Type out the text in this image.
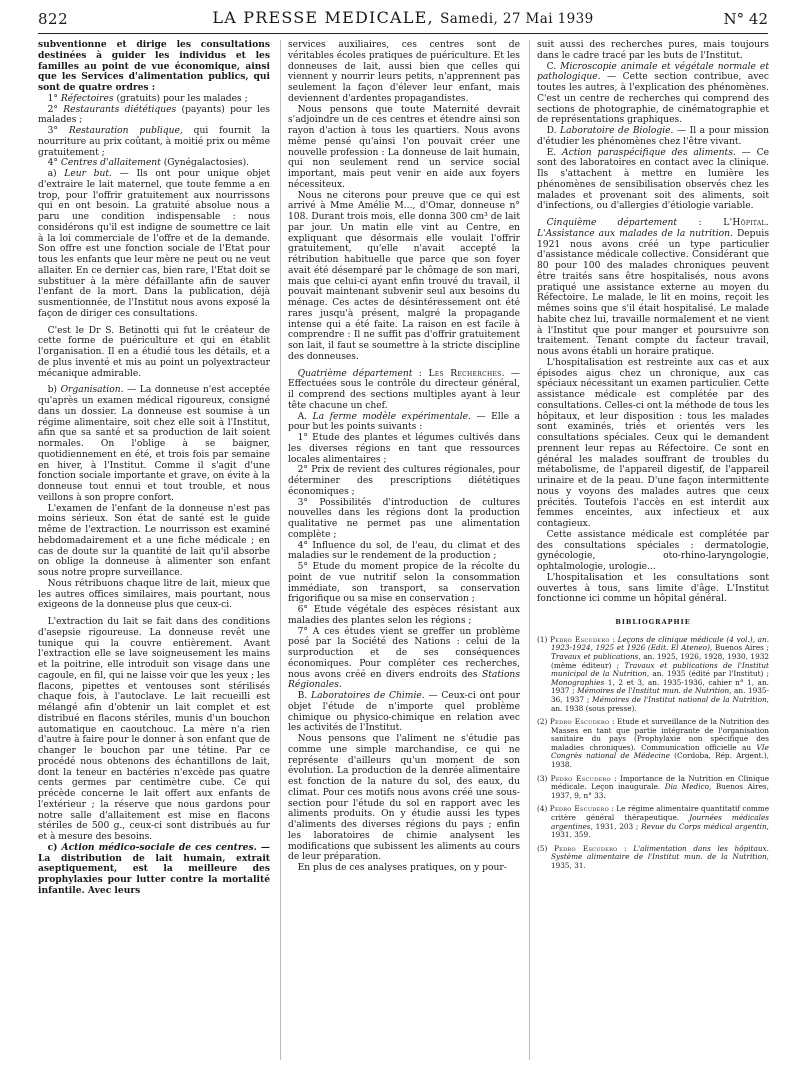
822	LA PRESSE MEDICALE, Samedi, 27 Mai 1939	N° 42

subventionne et dirige les consultations destinées à guider les individus et les familles au point de vue économique, ainsi que les Services d'alimentation publics, qui sont de quatre ordres :

1° Réfectoires (gratuits) pour les malades ;

2° Restaurants diététiques (payants) pour les malades ;

3° Restauration publique, qui fournit la nourriture au prix coûtant, à moitié prix ou même gratuitement ;

4° Centres d'allaitement (Gynégalactosies).

a) Leur but. — Ils ont pour unique objet d'extraire le lait maternel, que toute femme a en trop, pour l'offrir gratuitement aux nourrissons qui en ont besoin. La gratuité absolue nous a paru une condition indispensable : nous considérons qu'il est indigne de soumettre ce lait à la loi commerciale de l'offre et de la demande. Son offre est une fonction sociale de l'Etat pour tous les enfants que leur mère ne peut ou ne veut allaiter. En ce dernier cas, bien rare, l'Etat doit se substituer à la mère défaillante afin de sauver l'enfant de la mort. Dans la publication, déjà susmentionnée, de l'Institut nous avons exposé la façon de diriger ces consultations.

C'est le Dr S. Betinotti qui fut le créateur de cette forme de puériculture et qui en établit l'organisation. Il en a étudié tous les détails, et a de plus inventé et mis au point un polyextracteur mécanique admirable.

b) Organisation. — La donneuse n'est acceptée qu'après un examen médical rigoureux, consigné dans un dossier. La donneuse est soumise à un régime alimentaire, soit chez elle soit à l'Institut, afin que sa santé et sa production de lait soient normales. On l'oblige à se baigner, quotidiennement en été, et trois fois par semaine en hiver, à l'Institut. Comme il s'agit d'une fonction sociale importante et grave, on évite à la donneuse tout ennui et tout trouble, et nous veillons à son propre confort.

L'examen de l'enfant de la donneuse n'est pas moins sérieux. Son état de santé est le guide même de l'extraction. Le nourrisson est examiné hebdomadairement et a une fiche médicale ; en cas de doute sur la quantité de lait qu'il absorbe on oblige la donneuse à alimenter son enfant sous notre propre surveillance.

Nous rétribuons chaque litre de lait, mieux que les autres offices similaires, mais pourtant, nous exigeons de la donneuse plus que ceux-ci.

L'extraction du lait se fait dans des conditions d'asepsie rigoureuse. La donneuse revêt une tunique qui la couvre entièrement. Avant l'extraction elle se lave soigneusement les mains et la poitrine, elle introduit son visage dans une cagoule, en fil, qui ne laisse voir que les yeux ; les flacons, pipettes et ventouses sont stérilisés chaque fois, à l'autoclave. Le lait recueilli est mélangé afin d'obtenir un lait complet et est distribué en flacons stériles, munis d'un bouchon automatique en caoutchouc. La mère n'a rien d'autre à faire pour le donner à son enfant que de changer le bouchon par une tétine. Par ce procédé nous obtenons des échantillons de lait, dont la teneur en bactéries n'excède pas quatre cents germes par centimètre cube. Ce qui précède concerne le lait offert aux enfants de l'extérieur ; la réserve que nous gardons pour notre salle d'allaitement est mise en flacons stériles de 500 g., ceux-ci sont distribués au fur et à mesure des besoins.

c) Action médico-sociale de ces centres. — La distribution de lait humain, extrait aseptiquement, est la meilleure des prophylaxies pour lutter contre la mortalité infantile. Avec leurs

services auxiliaires, ces centres sont de véritables écoles pratiques de puériculture. Et les donneuses de lait, aussi bien que celles qui viennent y nourrir leurs petits, n'apprennent pas seulement la façon d'élever leur enfant, mais deviennent d'ardentes propagandistes.

Nous pensons que toute Maternité devrait s'adjoindre un de ces centres et étendre ainsi son rayon d'action à tous les quartiers. Nous avons même pensé qu'ainsi l'on pouvait créer une nouvelle profession : La donneuse de lait humain, qui non seulement rend un service social important, mais peut venir en aide aux foyers nécessiteux.

Nous ne citerons pour preuve que ce qui est arrivé à Mme Amélie M..., d'Omar, donneuse n° 108. Durant trois mois, elle donna 300 cm³ de lait par jour. Un matin elle vint au Centre, en expliquant que désormais elle voulait l'offrir gratuitement, qu'elle n'avait accepté la rétribution habituelle que parce que son foyer avait été désemparé par le chômage de son mari, mais que celui-ci ayant enfin trouvé du travail, il pouvait maintenant subvenir seul aux besoins du ménage. Ces actes de désintéressement ont été rares jusqu'à présent, malgré la propagande intense qui a été faite. La raison en est facile à comprendre : Il ne suffit pas d'offrir gratuitement son lait, il faut se soumettre à la stricte discipline des donneuses.

Quatrième département : Les Recherches. — Effectuées sous le contrôle du directeur général, il comprend des sections multiples ayant à leur tête chacune un chef.

A. La ferme modèle expérimentale. — Elle a pour but les points suivants :

1° Etude des plantes et légumes cultivés dans les diverses régions en tant que ressources locales alimentaires ;

2° Prix de revient des cultures régionales, pour déterminer des prescriptions diététiques économiques ;

3° Possibilités d'introduction de cultures nouvelles dans les régions dont la production qualitative ne permet pas une alimentation complète ;

4° Influence du sol, de l'eau, du climat et des maladies sur le rendement de la production ;

5° Etude du moment propice de la récolte du point de vue nutritif selon la consommation immédiate, son transport, sa conservation frigorifique ou sa mise en conservation ;

6° Etude végétale des espèces résistant aux maladies des plantes selon les régions ;

7° A ces études vient se greffer un problème posé par la Société des Nations : celui de la surproduction et de ses conséquences économiques. Pour compléter ces recherches, nous avons créé en divers endroits des Stations Régionales.

B. Laboratoires de Chimie. — Ceux-ci ont pour objet l'étude de n'importe quel problème chimique ou physico-chimique en relation avec les activités de l'Institut.

Nous pensons que l'aliment ne s'étudie pas comme une simple marchandise, ce qui ne représente d'ailleurs qu'un moment de son évolution. La production de la denrée alimentaire est fonction de la nature du sol, des eaux, du climat. Pour ces motifs nous avons créé une sous-section pour l'étude du sol en rapport avec les aliments produits. On y étudie aussi les types d'aliments des diverses régions du pays ; enfin les laboratoires de chimie analysent les modifications que subissent les aliments au cours de leur préparation.

En plus de ces analyses pratiques, on y pour-

suit aussi des recherches pures, mais toujours dans le cadre tracé par les buts de l'Institut.

C. Microscopie animale et végétale normale et pathologique. — Cette section contribue, avec toutes les autres, à l'explication des phénomènes. C'est un centre de recherches qui comprend des sections de photographie, de cinématographie et de représentations graphiques.

D. Laboratoire de Biologie. — Il a pour mission d'étudier les phénomènes chez l'être vivant.

E. Action paraspécifique des aliments. — Ce sont des laboratoires en contact avec la clinique. Ils s'attachent à mettre en lumière les phénomènes de sensibilisation observés chez les malades et provenant soit des aliments, soit d'infections, ou d'allergies d'étiologie variable.

Cinquième département : L'Hôpital. L'Assistance aux malades de la nutrition. Depuis 1921 nous avons créé un type particulier d'assistance médicale collective. Considérant que 80 pour 100 des malades chroniques peuvent être traités sans être hospitalisés, nous avons pratiqué une assistance externe au moyen du Réfectoire. Le malade, le lit en moins, reçoit les mêmes soins que s'il était hospitalisé. Le malade habite chez lui, travaille normalement et ne vient à l'Institut que pour manger et poursuivre son traitement. Tenant compte du facteur travail, nous avons établi un horaire pratique.

L'hospitalisation est restreinte aux cas et aux épisodes aigus chez un chronique, aux cas spéciaux nécessitant un examen particulier. Cette assistance médicale est complétée par des consultations. Celles-ci ont la méthode de tous les hôpitaux, et leur disposition : tous les malades sont examinés, triés et orientés vers les consultations spéciales. Ceux qui le demandent prennent leur repas au Réfectoire. Ce sont en général les malades souffrant de troubles du métabolisme, de l'appareil digestif, de l'appareil urinaire et de la peau. D'une façon intermittente nous y voyons des malades autres que ceux précités. Toutefois l'accès en est interdit aux femmes enceintes, aux infectieux et aux contagieux.

Cette assistance médicale est complétée par des consultations spéciales : dermatologie, gynécologie, oto-rhino-laryngologie, ophtalmologie, urologie...

L'hospitalisation et les consultations sont ouvertes à tous, sans limite d'âge. L'Institut fonctionne ici comme un hôpital général.

BIBLIOGRAPHIE

(1) Pedro Escudero : Leçons de clinique médicale (4 vol.), an. 1923-1924, 1925 et 1926 (Edit. El Ateneo), Buenos Aires ; Travaux et publications, an. 1925, 1926, 1928, 1930, 1932 (même éditeur) ; Travaux et publications de l'Institut municipal de la Nutrition, an. 1935 (édité par l'Institut) ; Monographies 1, 2 et 3, an. 1935-1936, cahier n° 1, an. 1937 ; Mémoires de l'Institut mun. de Nutrition, an. 1935-36, 1937 ; Mémoires de l'Institut national de la Nutrition, an. 1938 (sous presse).

(2) Pedro Escudero : Etude et surveillance de la Nutrition des Masses en tant que partie intégrante de l'organisation sanitaire du pays (Prophylaxie non spécifique des maladies chroniques). Communication officielle au VIe Congrès national de Médecine (Cordoba, Rép. Argent.), 1938.

(3) Pedro Escudero : Importance de la Nutrition en Clinique médicale. Leçon inaugurale. Dia Medico, Buenos Aires, 1937, 9, n° 33.

(4) Pedro Escudero : Le régime alimentaire quantitatif comme critère général thérapeutique. Journées médicales argentines, 1931, 203 ; Revue du Corps médical argentin, 1931, 359.

(5) Pedro Escudero : L'alimentation dans les hôpitaux. Système alimentaire de l'Institut mun. de la Nutrition, 1935, 31.
